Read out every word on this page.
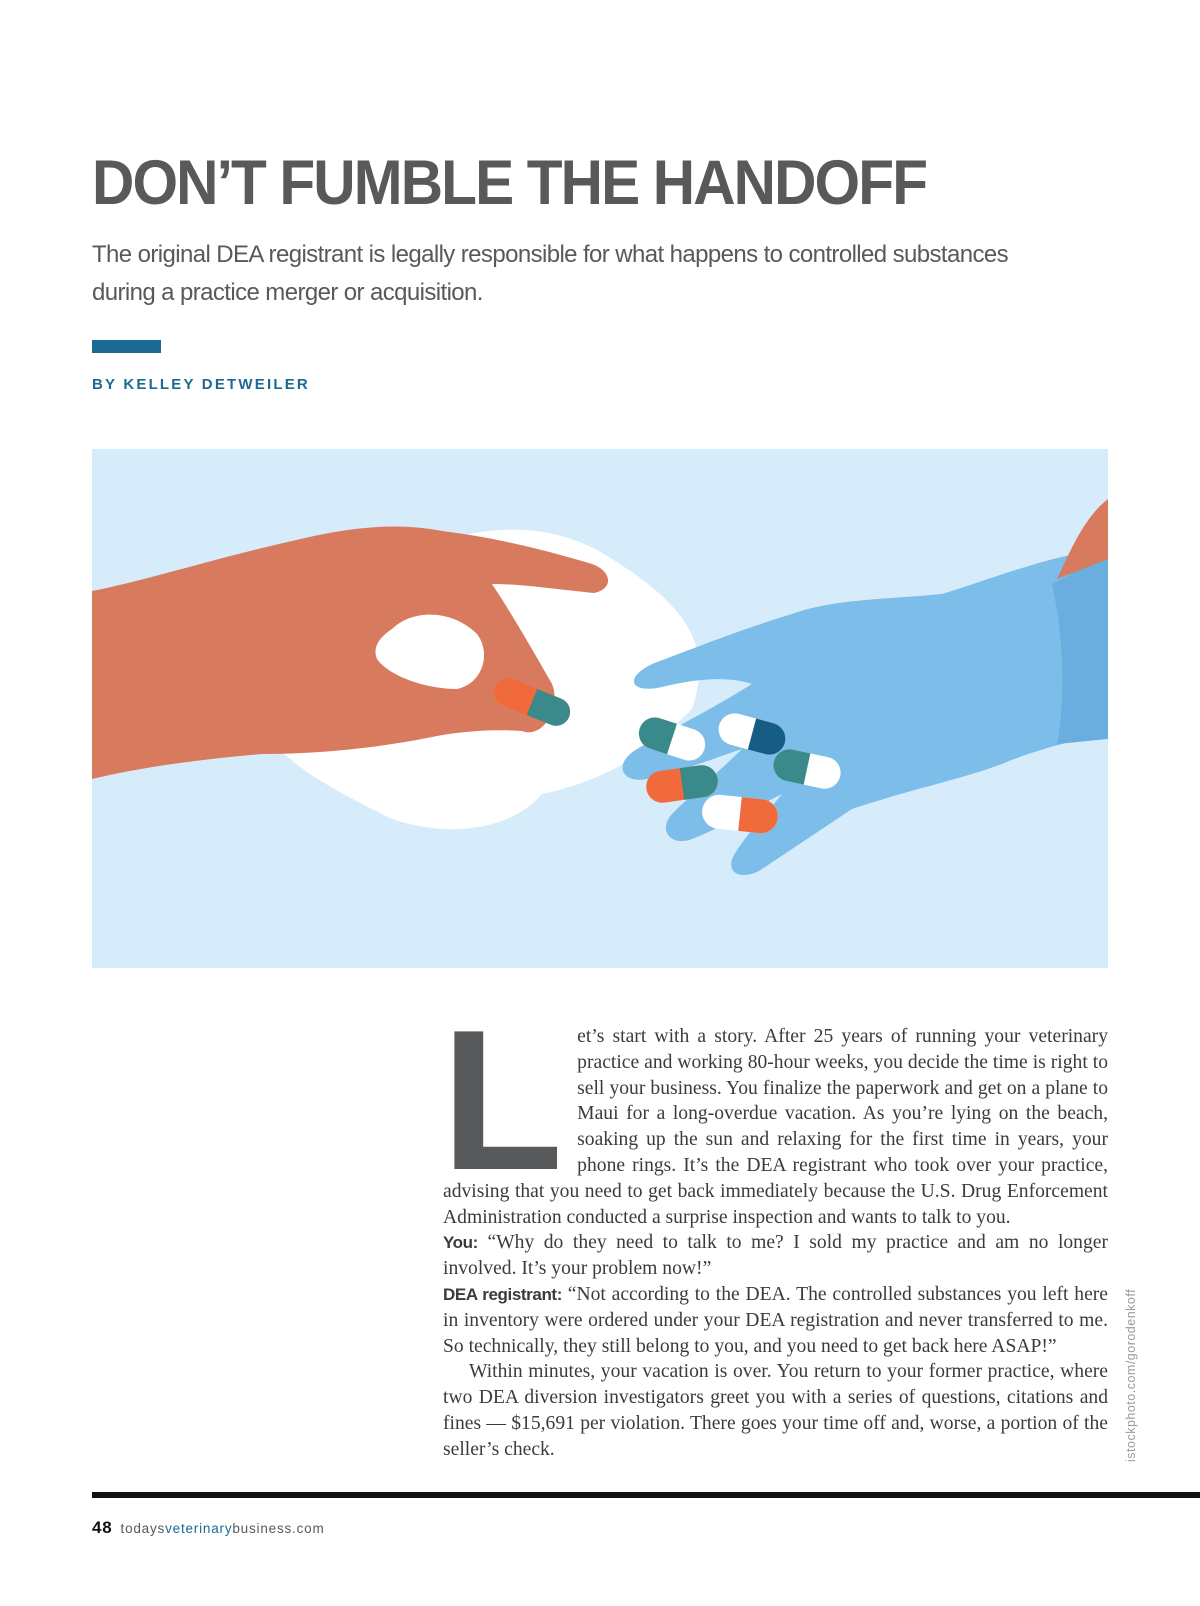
DON’T FUMBLE THE HANDOFF

The original DEA registrant is legally responsible for what happens to controlled substances during a practice merger or acquisition.

BY KELLEY DETWEILER

Let’s start with a story. After 25 years of running your veterinary practice and working 80-hour weeks, you decide the time is right to sell your business. You finalize the paperwork and get on a plane to Maui for a long-overdue vacation. As you’re lying on the beach, soaking up the sun and relaxing for the first time in years, your phone rings. It’s the DEA registrant who took over your practice, advising that you need to get back immediately because the U.S. Drug Enforcement Administration conducted a surprise inspection and wants to talk to you.

You: “Why do they need to talk to me? I sold my practice and am no longer involved. It’s your problem now!”

DEA registrant: “Not according to the DEA. The controlled substances you left here in inventory were ordered under your DEA registration and never transferred to me. So technically, they still belong to you, and you need to get back here ASAP!”

Within minutes, your vacation is over. You return to your former practice, where two DEA diversion investigators greet you with a series of questions, citations and fines — $15,691 per violation. There goes your time off and, worse, a portion of the seller’s check.	istockphoto.com/gorodenkoff

48 todaysveterinarybusiness.com
